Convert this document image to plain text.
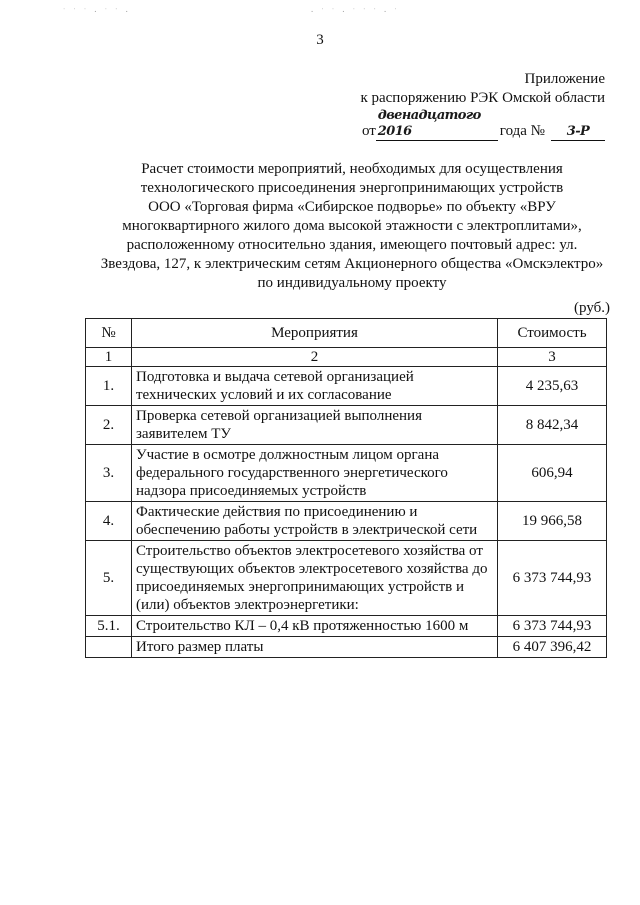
˙ ˙ ˙ · ˙ ˙ ·	· ˙ ˙ · ˙ ˙ ˙ · ˙
3
Приложение
к распоряжению РЭК Омской области
от
двенадцатого 2016	года №	3-Р
Расчет стоимости мероприятий, необходимых для осуществления
технологического присоединения энергопринимающих устройств
ООО «Торговая фирма «Сибирское подворье» по объекту «ВРУ
многоквартирного жилого дома высокой этажности с электроплитами»,
расположенному относительно здания, имеющего почтовый адрес: ул.
Звездова, 127, к электрическим сетям Акционерного общества «Омскэлектро»
по индивидуальному проекту
(руб.)
№	Мероприятия	Стоимость
1	2	3
1.	Подготовка и выдача сетевой организацией технических условий и их согласование	4 235,63
2.	Проверка сетевой организацией выполнения заявителем ТУ	8 842,34
3.	Участие в осмотре должностным лицом органа федерального государственного энергетического надзора присоединяемых устройств	606,94
4.	Фактические действия по присоединению и обеспечению работы устройств в электрической сети	19 966,58
5.	Строительство объектов электросетевого хозяйства от существующих объектов электросетевого хозяйства до присоединяемых энергопринимающих устройств и (или) объектов электроэнергетики:	6 373 744,93
5.1.	Строительство КЛ – 0,4 кВ протяженностью 1600 м	6 373 744,93
	Итого размер платы	6 407 396,42
